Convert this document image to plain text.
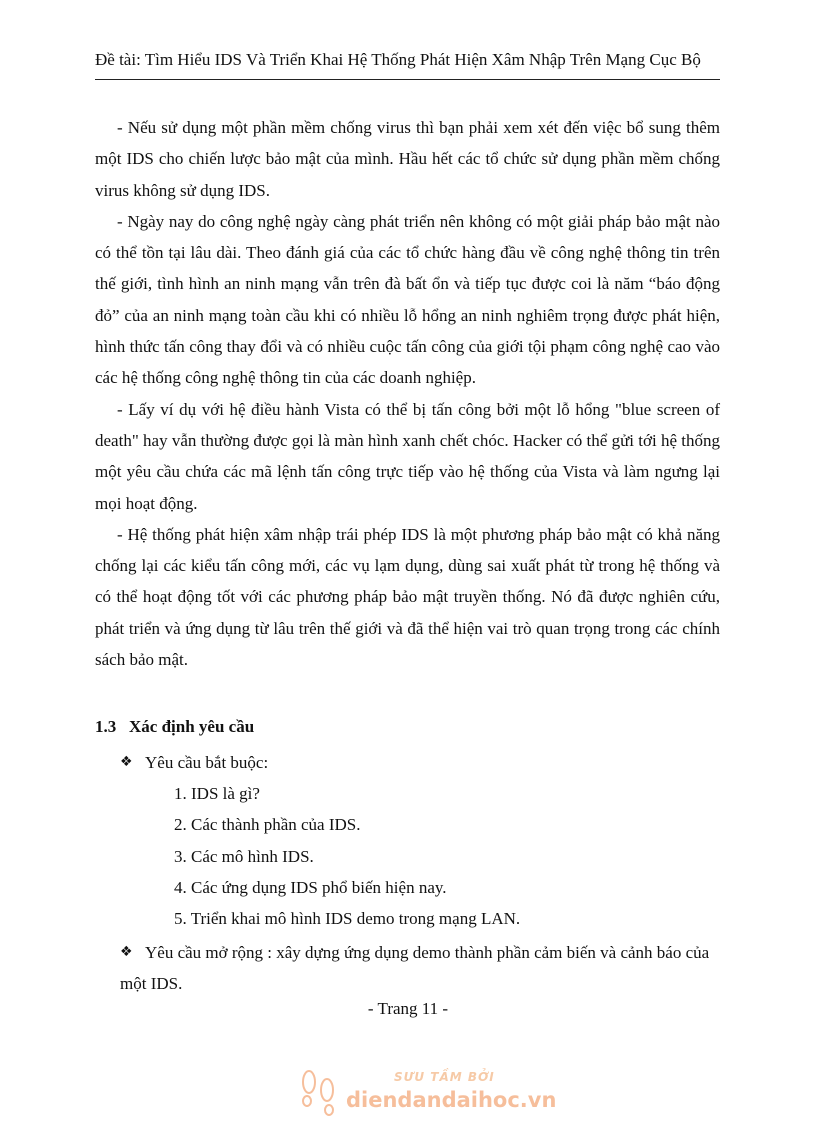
Đề tài: Tìm Hiểu IDS Và Triển Khai Hệ Thống Phát Hiện Xâm Nhập Trên Mạng Cục Bộ

- Nếu sử dụng một phần mềm chống virus thì bạn phải xem xét đến việc bổ sung thêm một IDS cho chiến lược bảo mật của mình. Hầu hết các tổ chức sử dụng phần mềm chống virus không sử dụng IDS.

- Ngày nay do công nghệ ngày càng phát triển nên không có một giải pháp bảo mật nào có thể tồn tại lâu dài. Theo đánh giá của các tổ chức hàng đầu về công nghệ thông tin trên thế giới, tình hình an ninh mạng vẫn trên đà bất ổn và tiếp tục được coi là năm “báo động đỏ” của an ninh mạng toàn cầu khi có nhiều lỗ hổng an ninh nghiêm trọng được phát hiện, hình thức tấn công thay đổi và có nhiều cuộc tấn công của giới tội phạm công nghệ cao vào các hệ thống công nghệ thông tin của các doanh nghiệp.

- Lấy ví dụ với hệ điều hành Vista có thể bị tấn công bởi một lỗ hổng "blue screen of death" hay vẫn thường được gọi là màn hình xanh chết chóc. Hacker có thể gửi tới hệ thống một yêu cầu chứa các mã lệnh tấn công trực tiếp vào hệ thống của Vista và làm ngưng lại mọi hoạt động.

- Hệ thống phát hiện xâm nhập trái phép IDS là một phương pháp bảo mật có khả năng chống lại các kiểu tấn công mới, các vụ lạm dụng, dùng sai xuất phát từ trong hệ thống và có thể hoạt động tốt với các phương pháp bảo mật truyền thống. Nó đã được nghiên cứu, phát triển và ứng dụng từ lâu trên thế giới và đã thể hiện vai trò quan trọng trong các chính sách bảo mật.

1.3 Xác định yêu cầu
❖ Yêu cầu bắt buộc:
1. IDS là gì?
2. Các thành phần của IDS.
3. Các mô hình IDS.
4. Các ứng dụng IDS phổ biến hiện nay.
5. Triển khai mô hình IDS demo trong mạng LAN.
❖ Yêu cầu mở rộng : xây dựng ứng dụng demo thành phần cảm biến và cảnh báo của một IDS.
- Trang 11 -
SƯU TẦM BỞI
diendandaihoc.vn
